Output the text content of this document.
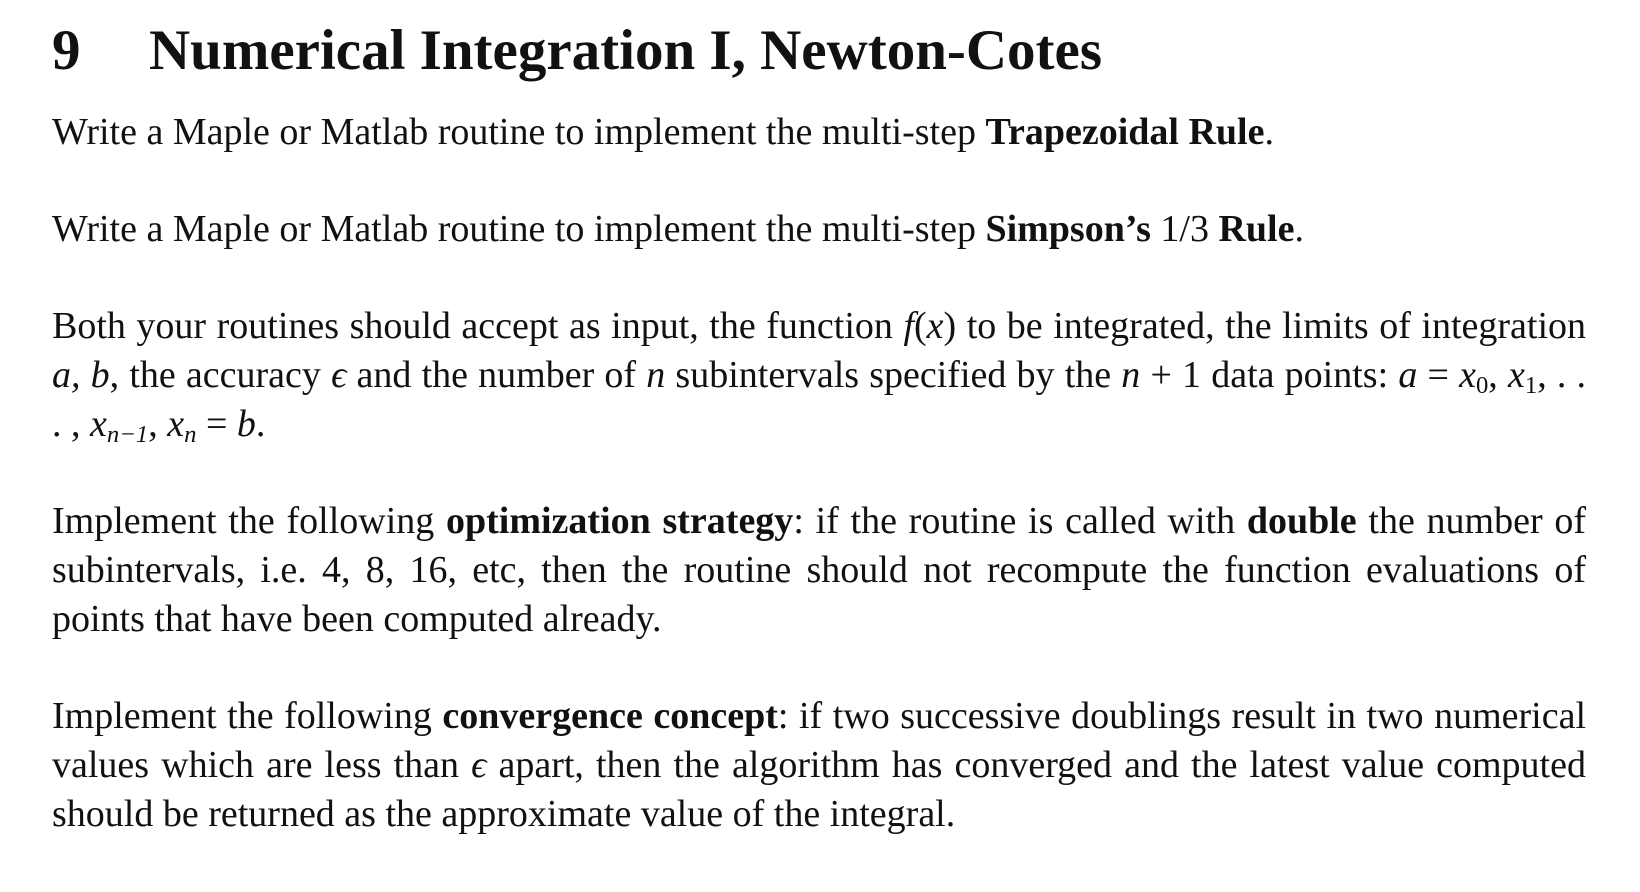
9 Numerical Integration I, Newton-Cotes

Write a Maple or Matlab routine to implement the multi-step Trapezoidal Rule.

Write a Maple or Matlab routine to implement the multi-step Simpson’s 1/3 Rule.

Both your routines should accept as input, the function f(x) to be integrated, the limits of integration a, b, the accuracy ϵ and the number of n subintervals specified by the n + 1 data points: $a = x_0$, $x_1$, . . . , $x_{n-1}$, $x_n = b$.

Implement the following optimization strategy: if the routine is called with double the number of subintervals, i.e. 4, 8, 16, etc, then the routine should not recompute the function evaluations of points that have been computed already.

Implement the following convergence concept: if two successive doublings result in two numerical values which are less than ϵ apart, then the algorithm has converged and the latest value computed should be returned as the approximate value of the integral.
